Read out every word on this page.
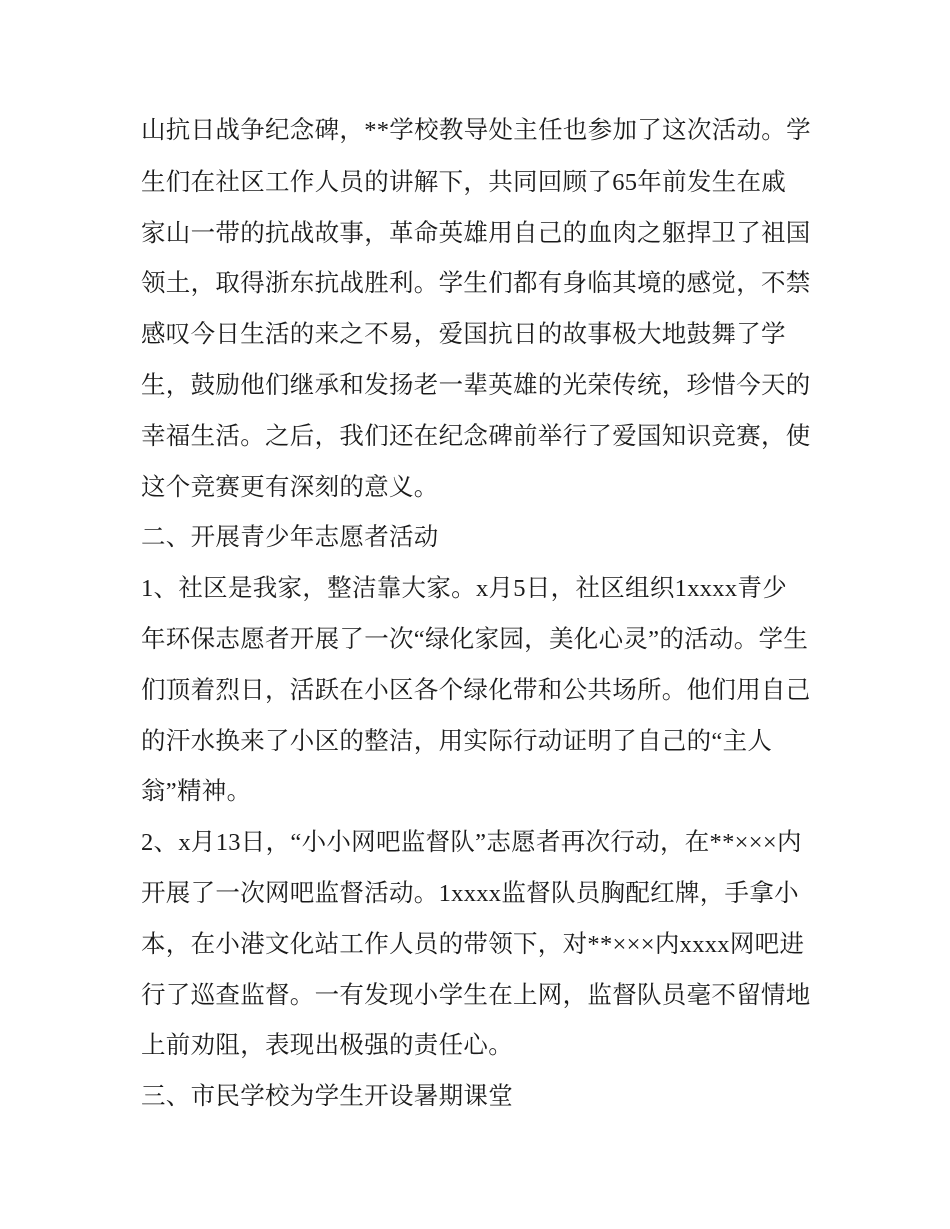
山抗日战争纪念碑，**学校教导处主任也参加了这次活动。学
生们在社区工作人员的讲解下，共同回顾了65年前发生在戚
家山一带的抗战故事，革命英雄用自己的血肉之躯捍卫了祖国
领土，取得浙东抗战胜利。学生们都有身临其境的感觉，不禁
感叹今日生活的来之不易，爱国抗日的故事极大地鼓舞了学
生，鼓励他们继承和发扬老一辈英雄的光荣传统，珍惜今天的
幸福生活。之后，我们还在纪念碑前举行了爱国知识竞赛，使
这个竞赛更有深刻的意义。
二、开展青少年志愿者活动
1、社区是我家，整洁靠大家。x月5日，社区组织1xxxx青少
年环保志愿者开展了一次“绿化家园，美化心灵”的活动。学生
们顶着烈日，活跃在小区各个绿化带和公共场所。他们用自己
的汗水换来了小区的整洁，用实际行动证明了自己的“主人
翁”精神。
2、x月13日，“小小网吧监督队”志愿者再次行动，在**×××内
开展了一次网吧监督活动。1xxxx监督队员胸配红牌，手拿小
本，在小港文化站工作人员的带领下，对**×××内xxxx网吧进
行了巡查监督。一有发现小学生在上网，监督队员毫不留情地
上前劝阻，表现出极强的责任心。
三、市民学校为学生开设暑期课堂
